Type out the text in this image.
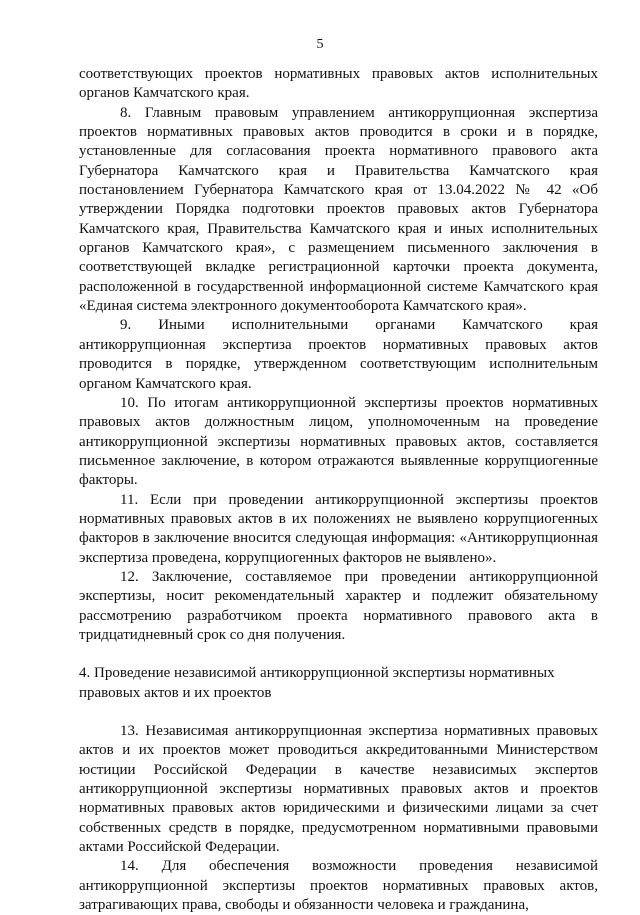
5

соответствующих проектов нормативных правовых актов исполнительных органов Камчатского края.

8. Главным правовым управлением антикоррупционная экспертиза проектов нормативных правовых актов проводится в сроки и в порядке, установленные для согласования проекта нормативного правового акта Губернатора Камчатского края и Правительства Камчатского края постановлением Губернатора Камчатского края от 13.04.2022 № 42 «Об утверждении Порядка подготовки проектов правовых актов Губернатора Камчатского края, Правительства Камчатского края и иных исполнительных органов Камчатского края», с размещением письменного заключения в соответствующей вкладке регистрационной карточки проекта документа, расположенной в государственной информационной системе Камчатского края «Единая система электронного документооборота Камчатского края».

9. Иными исполнительными органами Камчатского края антикоррупционная экспертиза проектов нормативных правовых актов проводится в порядке, утвержденном соответствующим исполнительным органом Камчатского края.

10. По итогам антикоррупционной экспертизы проектов нормативных правовых актов должностным лицом, уполномоченным на проведение антикоррупционной экспертизы нормативных правовых актов, составляется письменное заключение, в котором отражаются выявленные коррупциогенные факторы.

11. Если при проведении антикоррупционной экспертизы проектов нормативных правовых актов в их положениях не выявлено коррупциогенных факторов в заключение вносится следующая информация: «Антикоррупционная экспертиза проведена, коррупциогенных факторов не выявлено».

12. Заключение, составляемое при проведении антикоррупционной экспертизы, носит рекомендательный характер и подлежит обязательному рассмотрению разработчиком проекта нормативного правового акта в тридцатидневный срок со дня получения.

4. Проведение независимой антикоррупционной экспертизы нормативных
правовых актов и их проектов

13. Независимая антикоррупционная экспертиза нормативных правовых актов и их проектов может проводиться аккредитованными Министерством юстиции Российской Федерации в качестве независимых экспертов антикоррупционной экспертизы нормативных правовых актов и проектов нормативных правовых актов юридическими и физическими лицами за счет собственных средств в порядке, предусмотренном нормативными правовыми актами Российской Федерации.

14. Для обеспечения возможности проведения независимой антикоррупционной экспертизы проектов нормативных правовых актов, затрагивающих права, свободы и обязанности человека и гражданина,
